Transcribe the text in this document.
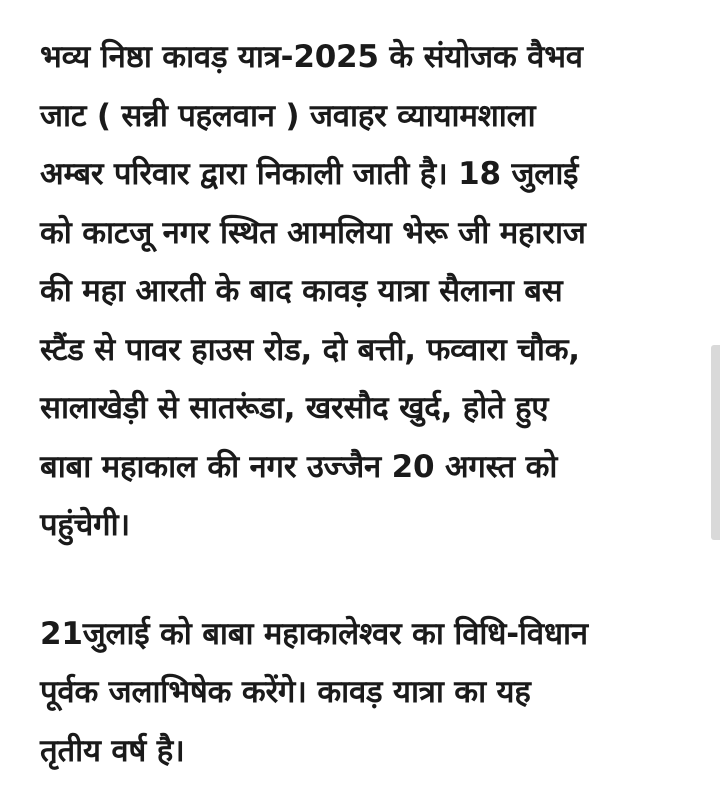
भव्य निष्ठा कावड़ यात्र-2025 के संयोजक वैभव
जाट ( सन्नी पहलवान ) जवाहर व्यायामशाला
अम्बर परिवार द्वारा निकाली जाती है। 18 जुलाई
को काटजू नगर स्थित आमलिया भेरू जी महाराज
की महा आरती के बाद कावड़ यात्रा सैलाना बस
स्टैंड से पावर हाउस रोड, दो बत्ती, फव्वारा चौक,
सालाखेड़ी से सातरूंडा, खरसौद खुर्द, होते हुए
बाबा महाकाल की नगर उज्जैन 20 अगस्त को
पहुंचेगी।

21जुलाई को बाबा महाकालेश्वर का विधि-विधान
पूर्वक जलाभिषेक करेंगे। कावड़ यात्रा का यह
तृतीय वर्ष है।
